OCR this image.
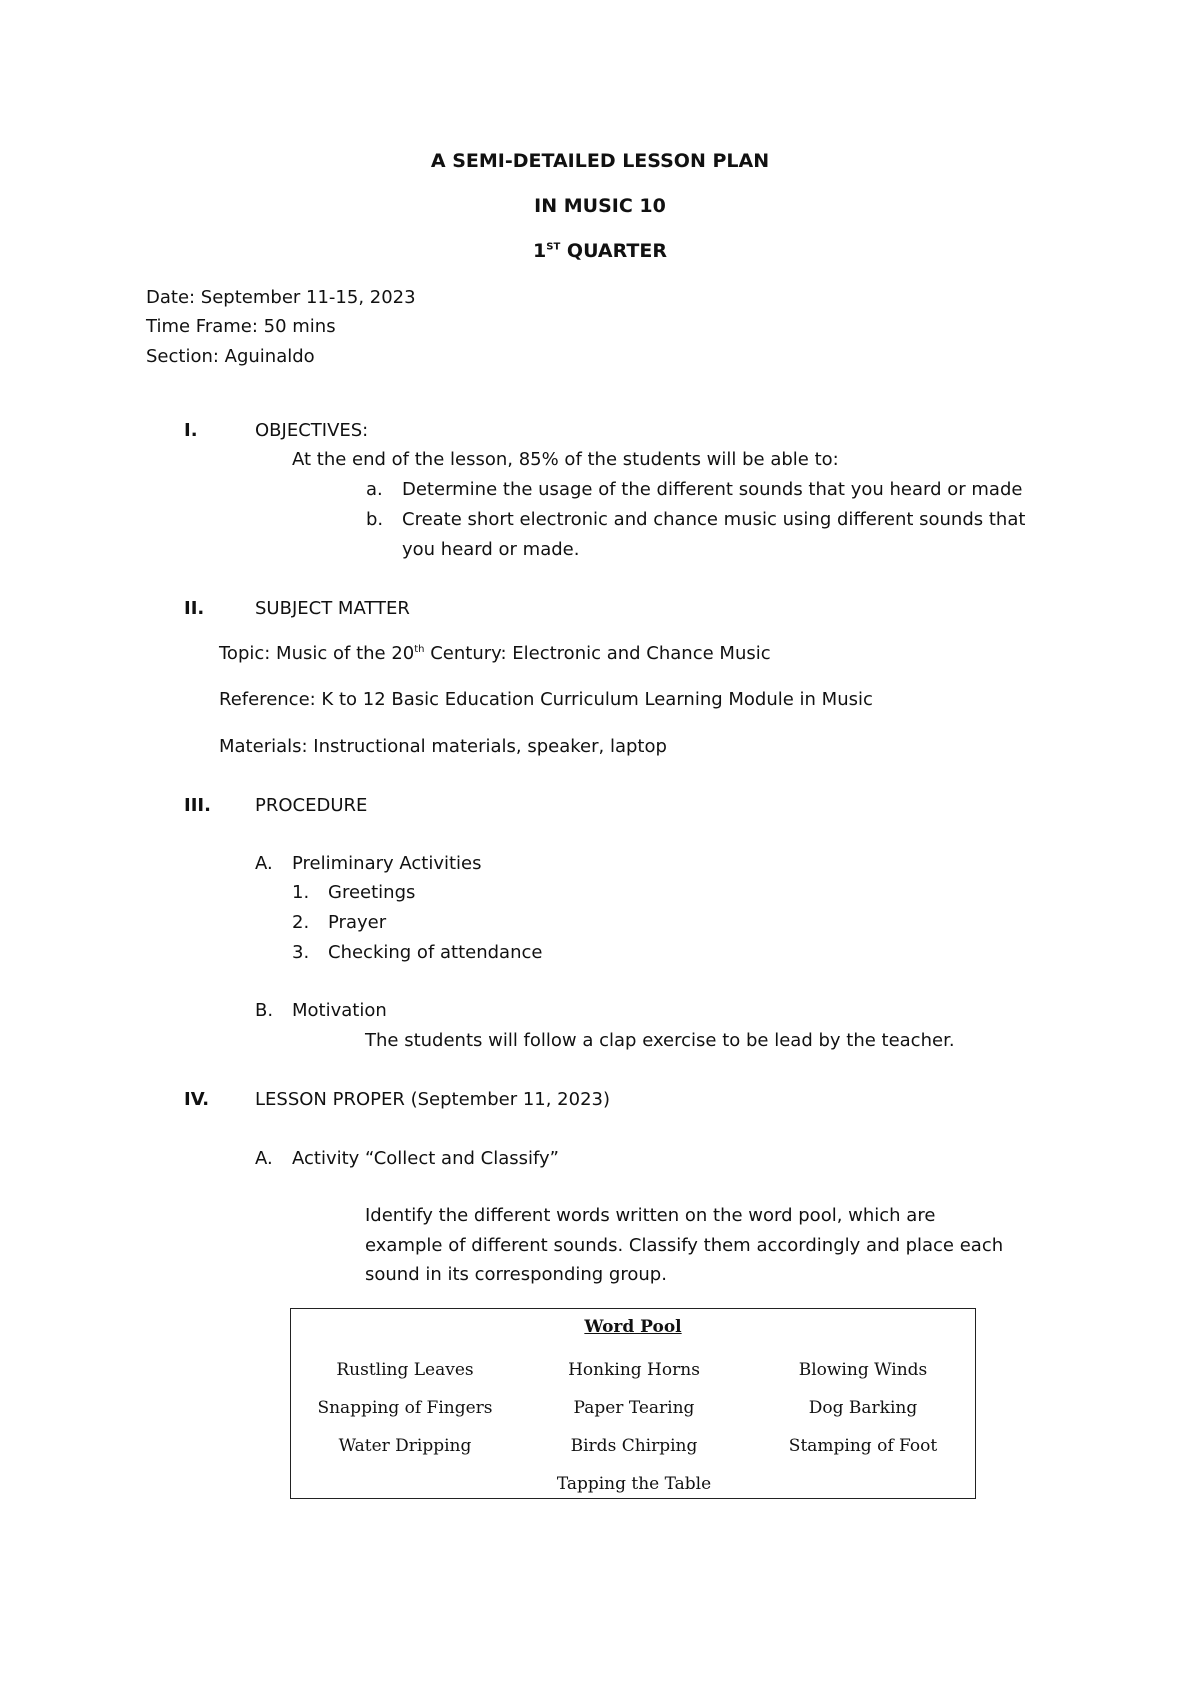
A SEMI-DETAILED LESSON PLAN
IN MUSIC 10
1ST QUARTER
Date: September 11-15, 2023
Time Frame: 50 mins
Section: Aguinaldo
I.	OBJECTIVES:
At the end of the lesson, 85% of the students will be able to:
a. Determine the usage of the different sounds that you heard or made
b. Create short electronic and chance music using different sounds that
you heard or made.
II.	SUBJECT MATTER
Topic: Music of the 20th Century: Electronic and Chance Music
Reference: K to 12 Basic Education Curriculum Learning Module in Music
Materials: Instructional materials, speaker, laptop
III. PROCEDURE
A. Preliminary Activities
1. Greetings
2. Prayer
3. Checking of attendance
B. Motivation
The students will follow a clap exercise to be lead by the teacher.
IV.	LESSON PROPER (September 11, 2023)
A. Activity “Collect and Classify”
Identify the different words written on the word pool, which are
example of different sounds. Classify them accordingly and place each
sound in its corresponding group.
Word Pool
Rustling Leaves	Honking Horns	Blowing Winds
Snapping of Fingers	Paper Tearing	Dog Barking
Water Dripping	Birds Chirping	Stamping of Foot
Tapping the Table
